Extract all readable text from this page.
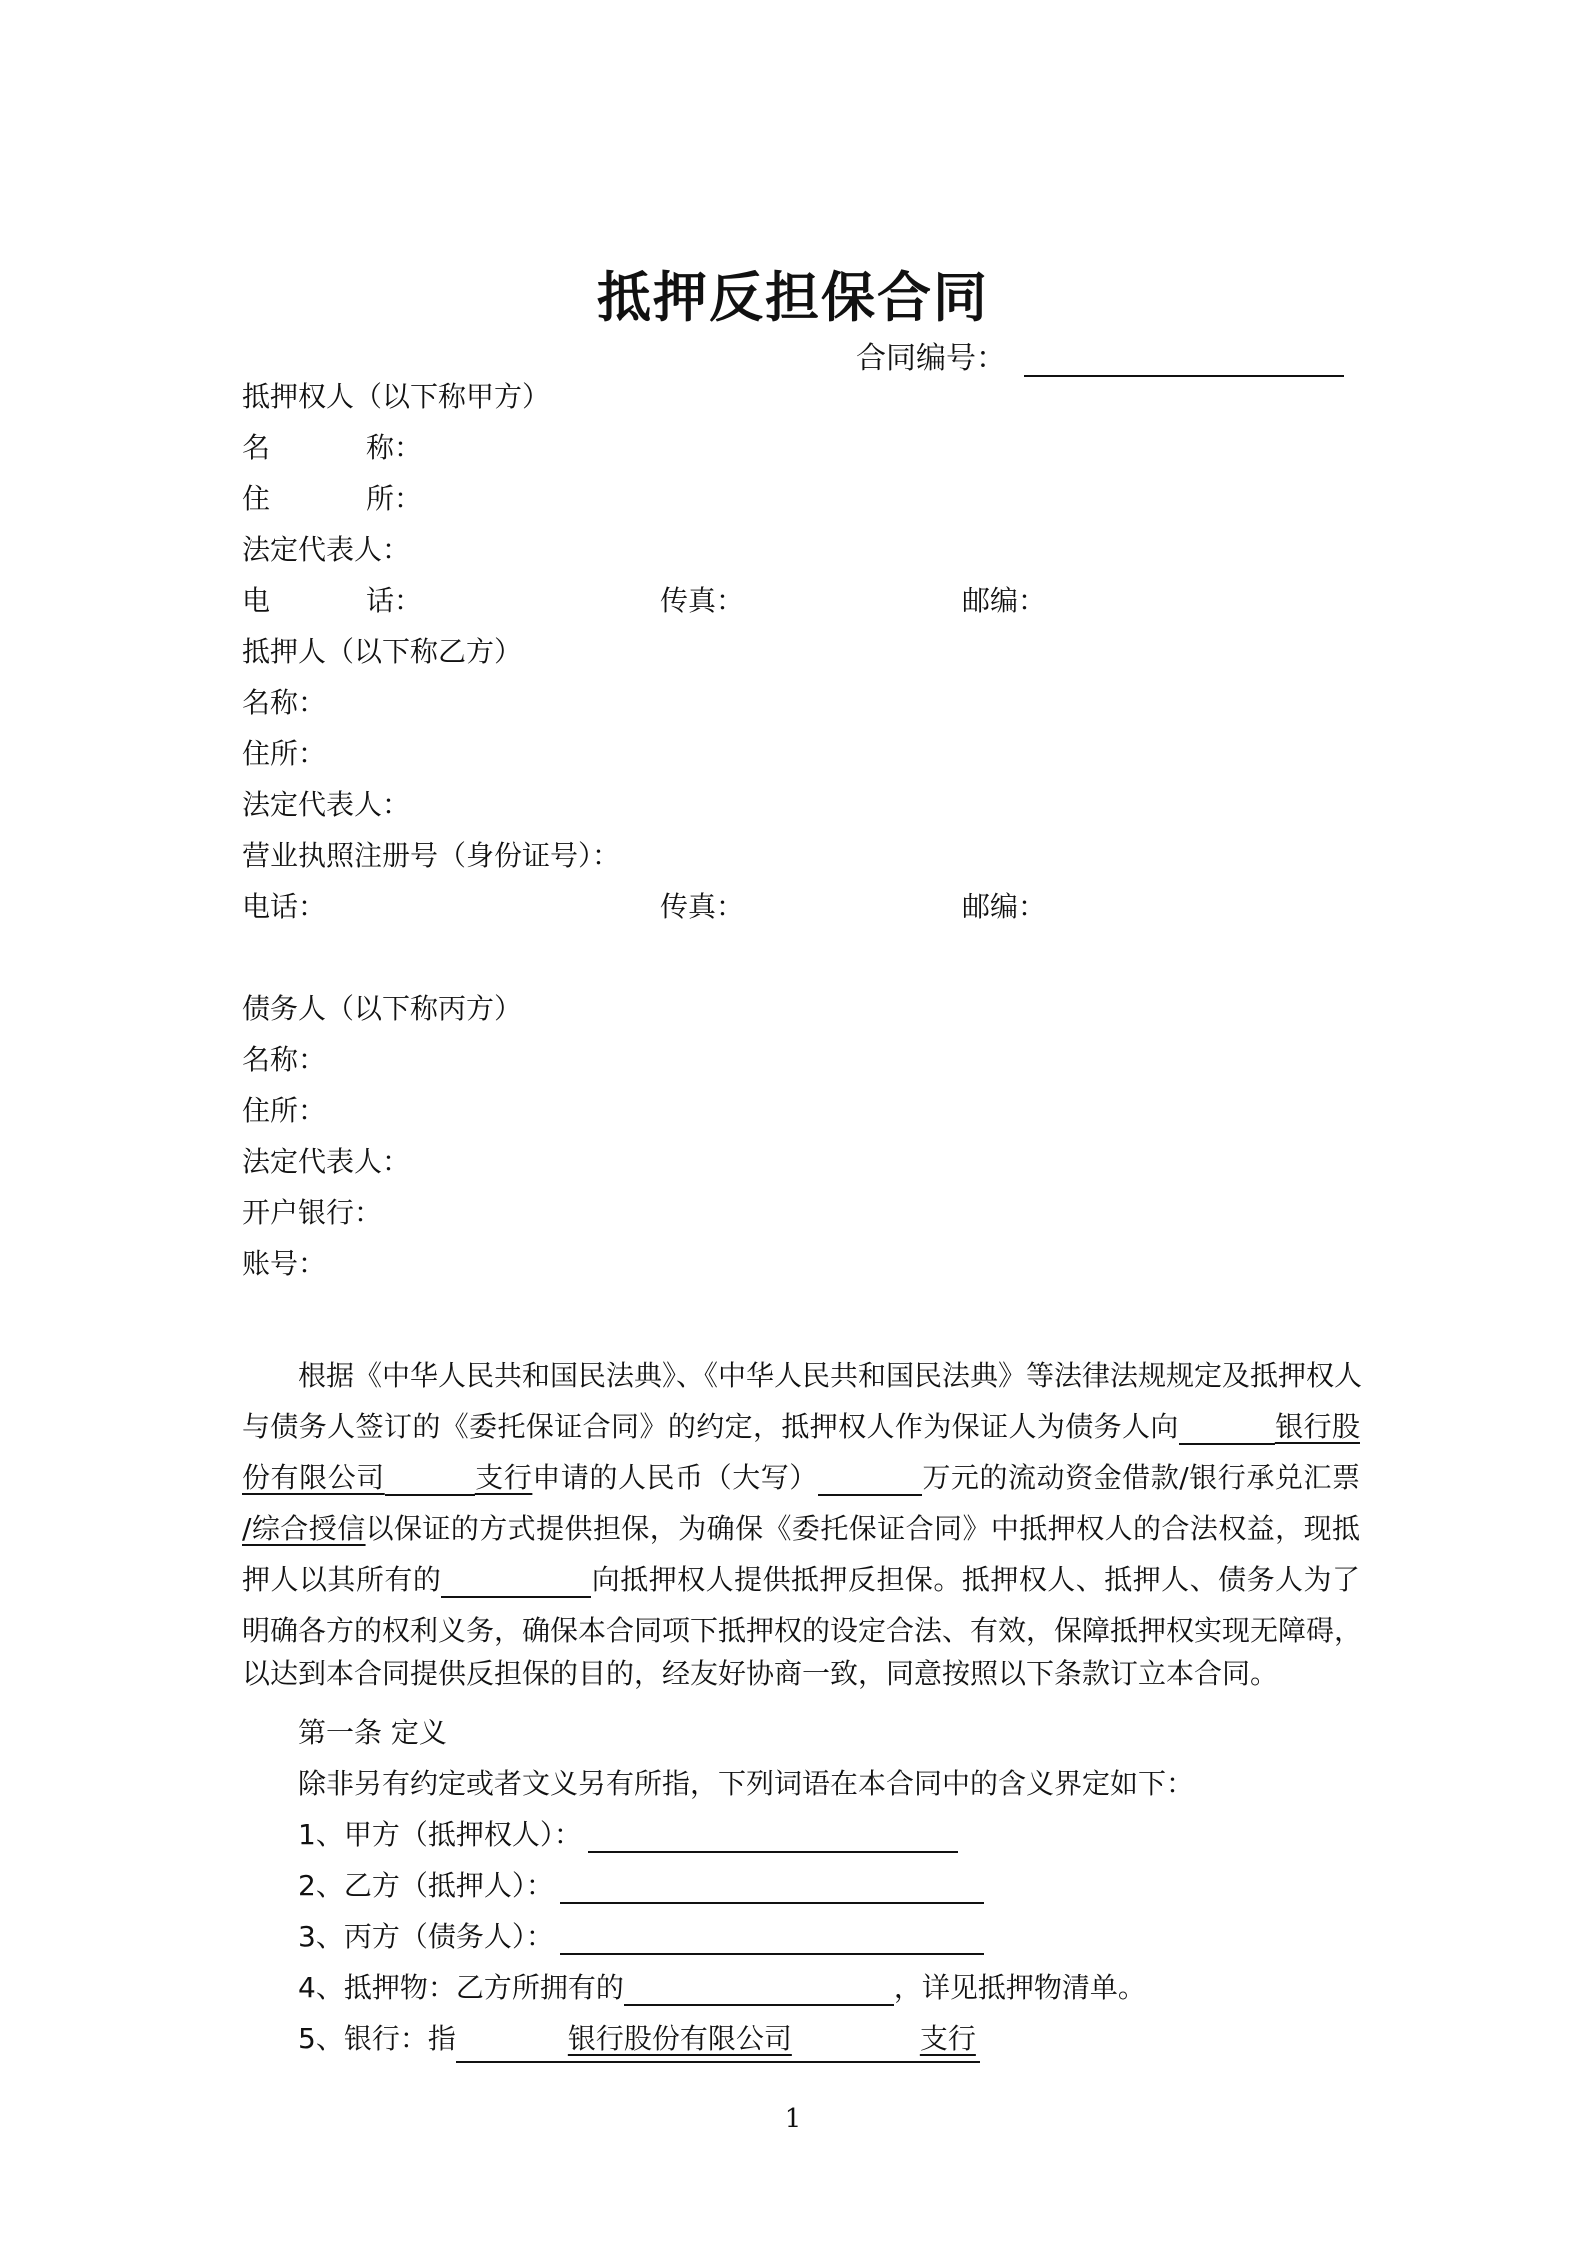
抵押反担保合同
合同编号：
抵押权人（以下称甲方）
名	称：
住	所：
法定代表人：
电	话：	传真：	邮编：
抵押人（以下称乙方）
名称：
住所：
法定代表人：
营业执照注册号（身份证号）：
电话：	传真：	邮编：
债务人（以下称丙方）
名称：
住所：
法定代表人：
开户银行：
账号：
根据《中华人民共和国民法典》、《中华人民共和国民法典》等法律法规规定及抵押权人
与债务人签订的《委托保证合同》的约定，抵押权人作为保证人为债务人向	银行股
份有限公司	支行申请的人民币（大写）	万元的流动资金借款/银行承兑汇票
/综合授信以保证的方式提供担保，为确保《委托保证合同》中抵押权人的合法权益，现抵
押人以其所有的	向抵押权人提供抵押反担保。抵押权人、抵押人、债务人为了
明确各方的权利义务，确保本合同项下抵押权的设定合法、有效，保障抵押权实现无障碍，
以达到本合同提供反担保的目的，经友好协商一致，同意按照以下条款订立本合同。
第一条 定义
除非另有约定或者文义另有所指，下列词语在本合同中的含义界定如下：
1、甲方（抵押权人）：
2、乙方（抵押人）：
3、丙方（债务人）：
4、抵押物：乙方所拥有的	，详见抵押物清单。
5、银行：指	银行股份有限公司	支行
1
